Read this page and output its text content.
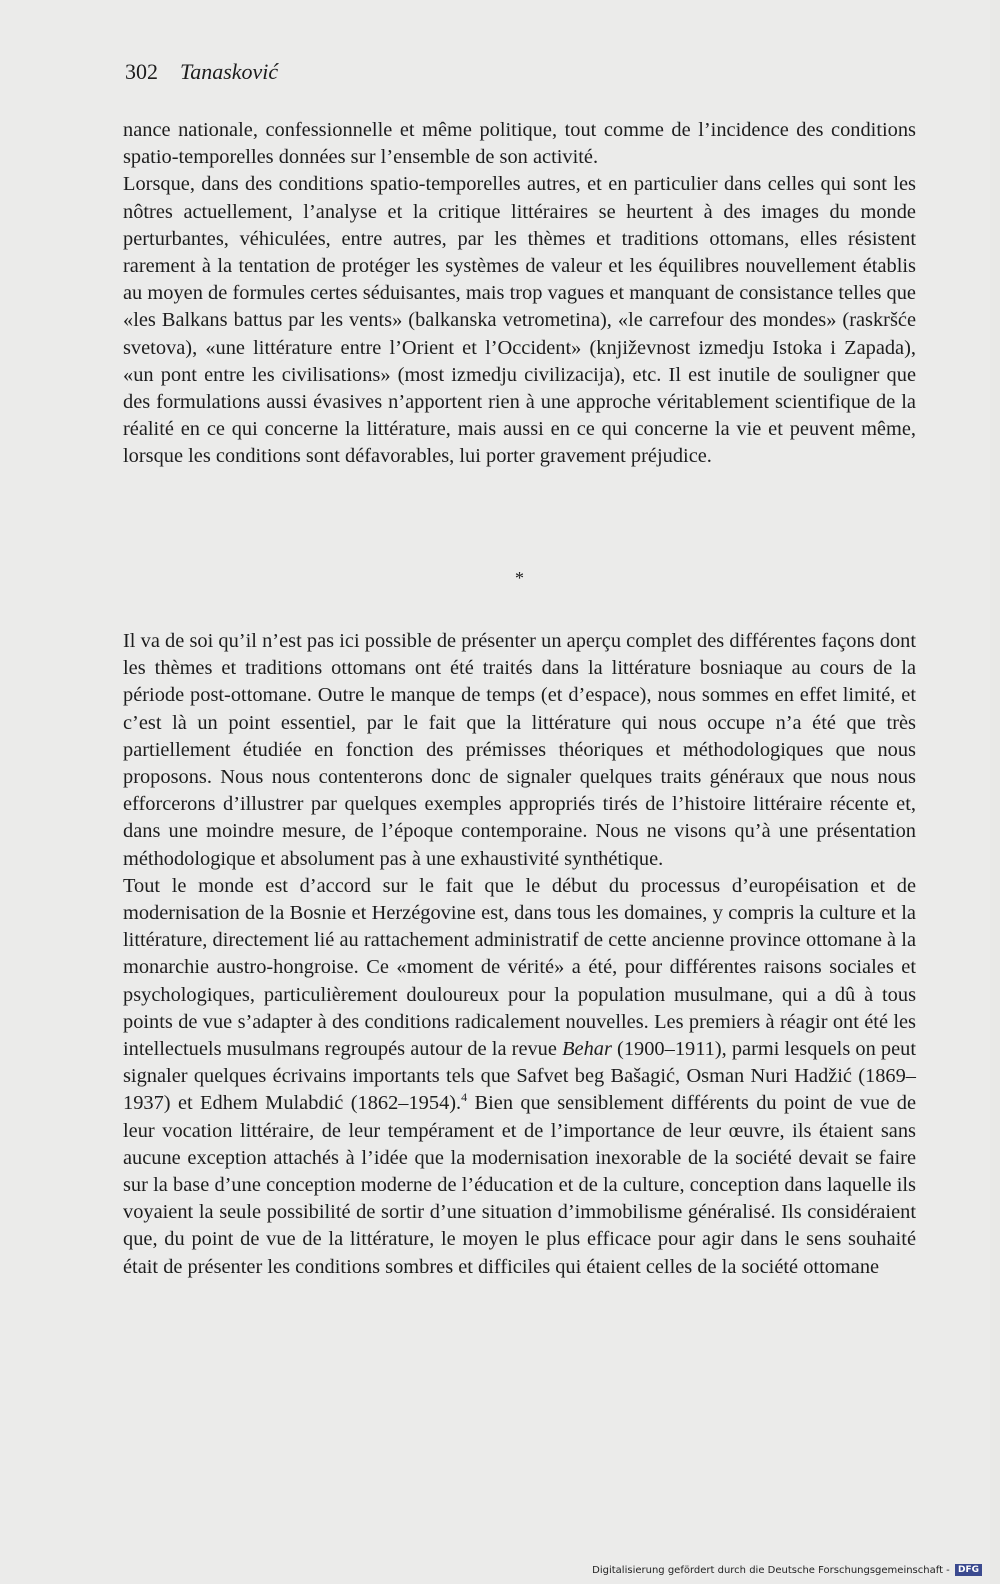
302 Tanasković

nance nationale, confessionnelle et même politique, tout comme de l’incidence des conditions spatio-temporelles données sur l’ensemble de son activité.

Lorsque, dans des conditions spatio-temporelles autres, et en particulier dans celles qui sont les nôtres actuellement, l’analyse et la critique littéraires se heurtent à des images du monde perturbantes, véhiculées, entre autres, par les thèmes et traditions ottomans, elles résistent rarement à la tentation de protéger les systèmes de valeur et les équilibres nouvellement établis au moyen de formules certes séduisantes, mais trop vagues et manquant de consistance telles que «les Balkans battus par les vents» (balkanska vetrometina), «le carrefour des mondes» (raskršće svetova), «une littérature entre l’Orient et l’Occident» (književnost izmedju Istoka i Zapada), «un pont entre les civilisations» (most izmedju civilizacija), etc. Il est inutile de souligner que des formulations aussi évasives n’apportent rien à une approche véritablement scientifique de la réalité en ce qui concerne la littérature, mais aussi en ce qui concerne la vie et peuvent même, lorsque les conditions sont défavorables, lui porter gravement préjudice.

*

Il va de soi qu’il n’est pas ici possible de présenter un aperçu complet des différentes façons dont les thèmes et traditions ottomans ont été traités dans la littérature bosniaque au cours de la période post-ottomane. Outre le manque de temps (et d’espace), nous sommes en effet limité, et c’est là un point essentiel, par le fait que la littérature qui nous occupe n’a été que très partiellement étudiée en fonction des prémisses théoriques et méthodologiques que nous proposons. Nous nous contenterons donc de signaler quelques traits généraux que nous nous efforcerons d’illustrer par quelques exemples appropriés tirés de l’histoire littéraire récente et, dans une moindre mesure, de l’époque contemporaine. Nous ne visons qu’à une présentation méthodologique et absolument pas à une exhaustivité synthétique.

Tout le monde est d’accord sur le fait que le début du processus d’européisation et de modernisation de la Bosnie et Herzégovine est, dans tous les domaines, y compris la culture et la littérature, directement lié au rattachement administratif de cette ancienne province ottomane à la monarchie austro-hongroise. Ce «moment de vérité» a été, pour différentes raisons sociales et psychologiques, particulièrement douloureux pour la population musulmane, qui a dû à tous points de vue s’adapter à des conditions radicalement nouvelles. Les premiers à réagir ont été les intellectuels musulmans regroupés autour de la revue Behar (1900–1911), parmi lesquels on peut signaler quelques écrivains importants tels que Safvet beg Bašagić, Osman Nuri Hadžić (1869–1937) et Edhem Mulabdić (1862–1954).$^4$ Bien que sensiblement différents du point de vue de leur vocation littéraire, de leur tempérament et de l’importance de leur œuvre, ils étaient sans aucune exception attachés à l’idée que la modernisation inexorable de la société devait se faire sur la base d’une conception moderne de l’éducation et de la culture, conception dans laquelle ils voyaient la seule possibilité de sortir d’une situation d’immobilisme généralisé. Ils considéraient que, du point de vue de la littérature, le moyen le plus efficace pour agir dans le sens souhaité était de présenter les conditions sombres et difficiles qui étaient celles de la société ottomane

Digitalisierung gefördert durch die Deutsche Forschungsgemeinschaft - DFG
